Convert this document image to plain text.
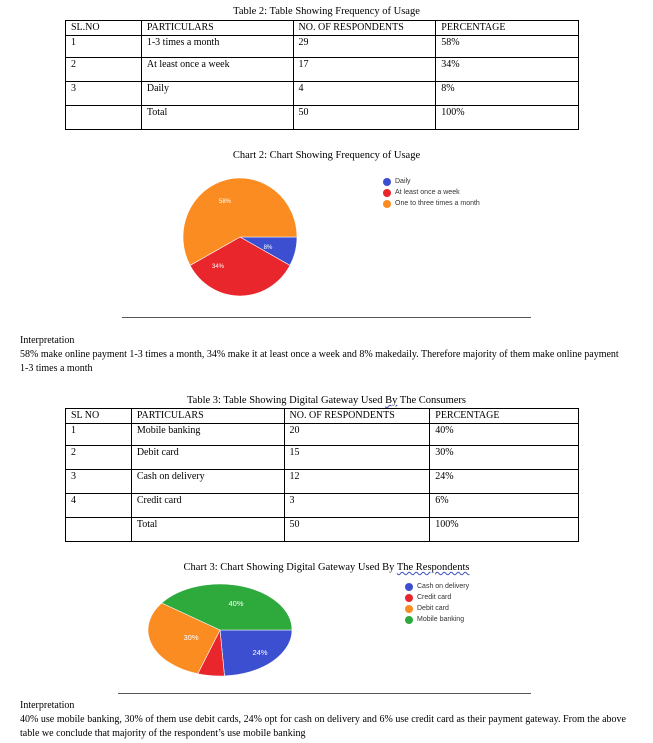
Table 2: Table Showing Frequency of Usage
SL.NO	PARTICULARS	NO. OF RESPONDENTS	PERCENTAGE
1	1-3 times a month	29	58%
2	At least once a week	17	34%
3	Daily	4	8%
	Total	50	100%
Chart 2: Chart Showing Frequency of Usage
58%
8%
34%
Daily
At least once a week
One to three times a month
Interpretation
58% make online payment 1-3 times a month, 34% make it at least once a week and 8% makedaily. Therefore majority of them make online payment 1-3 times a month
Table 3: Table Showing Digital Gateway Used By The Consumers
SL NO	PARTICULARS	NO. OF RESPONDENTS	PERCENTAGE
1	Mobile banking	20	40%
2	Debit card	15	30%
3	Cash on delivery	12	24%
4	Credit card	3	6%
	Total	50	100%
Chart 3: Chart Showing Digital Gateway Used By The Respondents
40%
30%
24%
Cash on delivery
Credit card
Debit card
Mobile banking
Interpretation
40% use mobile banking, 30% of them use debit cards, 24% opt for cash on delivery and 6% use credit card as their payment gateway. From the above table we conclude that majority of the respondent’s use mobile banking
